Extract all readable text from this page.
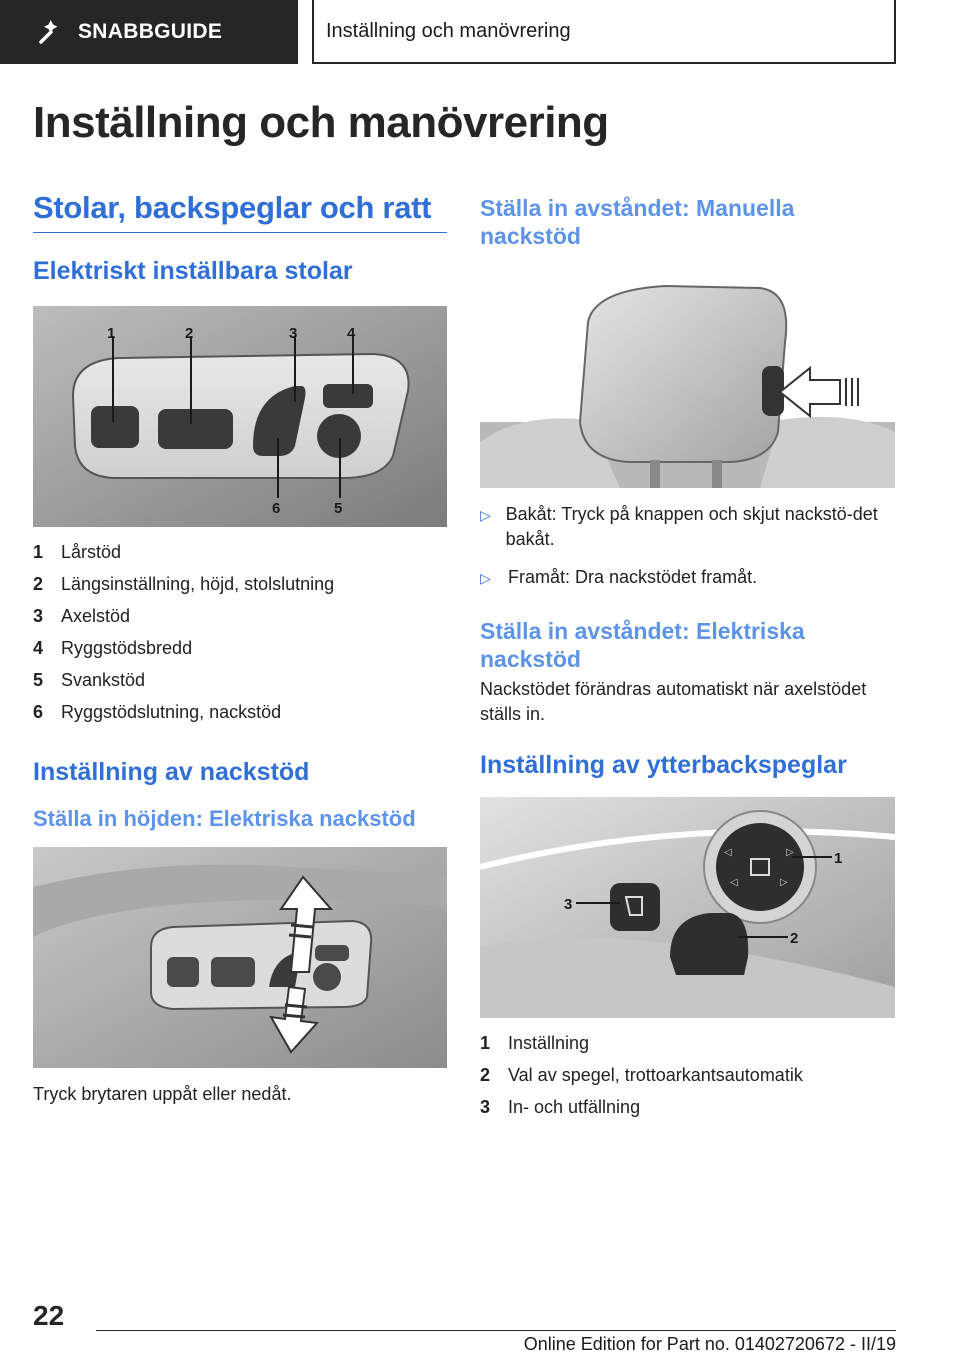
SNABBGUIDE	Inställning och manövrering
Inställning och manövrering
Stolar, backspeglar och ratt
Elektriskt inställbara stolar
1	2	3	4
5
6
1 Lårstöd
2 Längsinställning, höjd, stolslutning
3 Axelstöd
4 Ryggstödsbredd
5 Svankstöd
6 Ryggstödslutning, nackstöd
Inställning av nackstöd
Ställa in höjden: Elektriska nackstöd

Tryck brytaren uppåt eller nedåt.

Ställa in avståndet: Manuella nackstöd
▷ Bakåt: Tryck på knappen och skjut nackstö-det bakåt.
▷ Framåt: Dra nackstödet framåt.
Ställa in avståndet: Elektriska nackstöd

Nackstödet förändras automatiskt när axelstödet ställs in.

Inställning av ytterbackspeglar
◁	▷
◁	▷
1
2
3
1 Inställning
2 Val av spegel, trottoarkantsautomatik
3 In- och utfällning
22
Online Edition for Part no. 01402720672 - II/19
